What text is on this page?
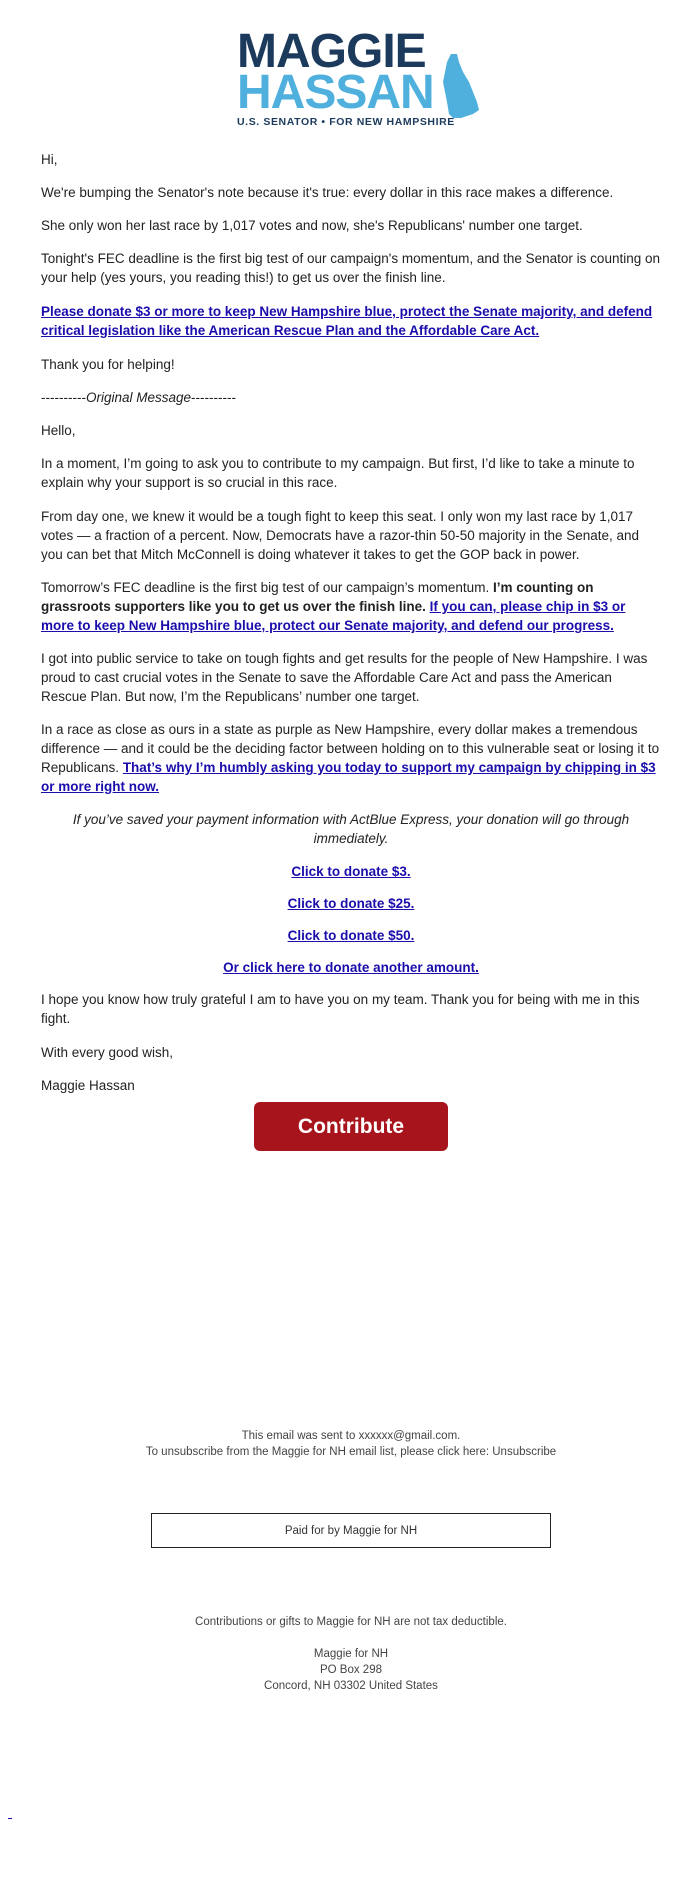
MAGGIE
HASSAN
U.S. SENATOR • FOR NEW HAMPSHIRE

Hi,

We're bumping the Senator's note because it's true: every dollar in this race makes a difference.

She only won her last race by 1,017 votes and now, she's Republicans' number one target.

Tonight's FEC deadline is the first big test of our campaign's momentum, and the Senator is counting on your help (yes yours, you reading this!) to get us over the finish line.

Please donate $3 or more to keep New Hampshire blue, protect the Senate majority, and defend critical legislation like the American Rescue Plan and the Affordable Care Act.

Thank you for helping!

----------Original Message----------

Hello,

In a moment, I’m going to ask you to contribute to my campaign. But first, I’d like to take a minute to explain why your support is so crucial in this race.

From day one, we knew it would be a tough fight to keep this seat. I only won my last race by 1,017 votes — a fraction of a percent. Now, Democrats have a razor-thin 50-50 majority in the Senate, and you can bet that Mitch McConnell is doing whatever it takes to get the GOP back in power.

Tomorrow’s FEC deadline is the first big test of our campaign’s momentum. I’m counting on grassroots supporters like you to get us over the finish line. If you can, please chip in $3 or more to keep New Hampshire blue, protect our Senate majority, and defend our progress.

I got into public service to take on tough fights and get results for the people of New Hampshire. I was proud to cast crucial votes in the Senate to save the Affordable Care Act and pass the American Rescue Plan. But now, I’m the Republicans’ number one target.

In a race as close as ours in a state as purple as New Hampshire, every dollar makes a tremendous difference — and it could be the deciding factor between holding on to this vulnerable seat or losing it to Republicans. That’s why I’m humbly asking you today to support my campaign by chipping in $3 or more right now.

If you’ve saved your payment information with ActBlue Express, your donation will go through immediately.

Click to donate $3.

Click to donate $25.

Click to donate $50.

Or click here to donate another amount.

I hope you know how truly grateful I am to have you on my team. Thank you for being with me in this fight.

With every good wish,

Maggie Hassan

Contribute
This email was sent to xxxxxx@gmail.com.
To unsubscribe from the Maggie for NH email list, please click here: Unsubscribe
Paid for by Maggie for NH
Contributions or gifts to Maggie for NH are not tax deductible.
Maggie for NH
PO Box 298
Concord, NH 03302 United States
